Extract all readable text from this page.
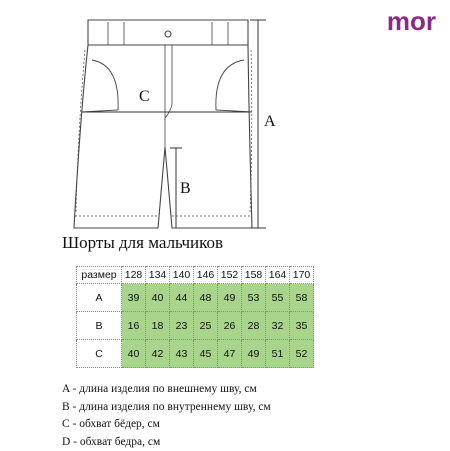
mor
A
B
C
Шорты для мальчиков
размер	128	134	140	146	152	158	164	170
A	39	40	44	48	49	53	55	58
B	16	18	23	25	26	28	32	35
C	40	42	43	45	47	49	51	52
A - длина изделия по внешнему шву, см
B - длина изделия по внутреннему шву, см
C - обхват бёдер, см
D - обхват бедра, см
